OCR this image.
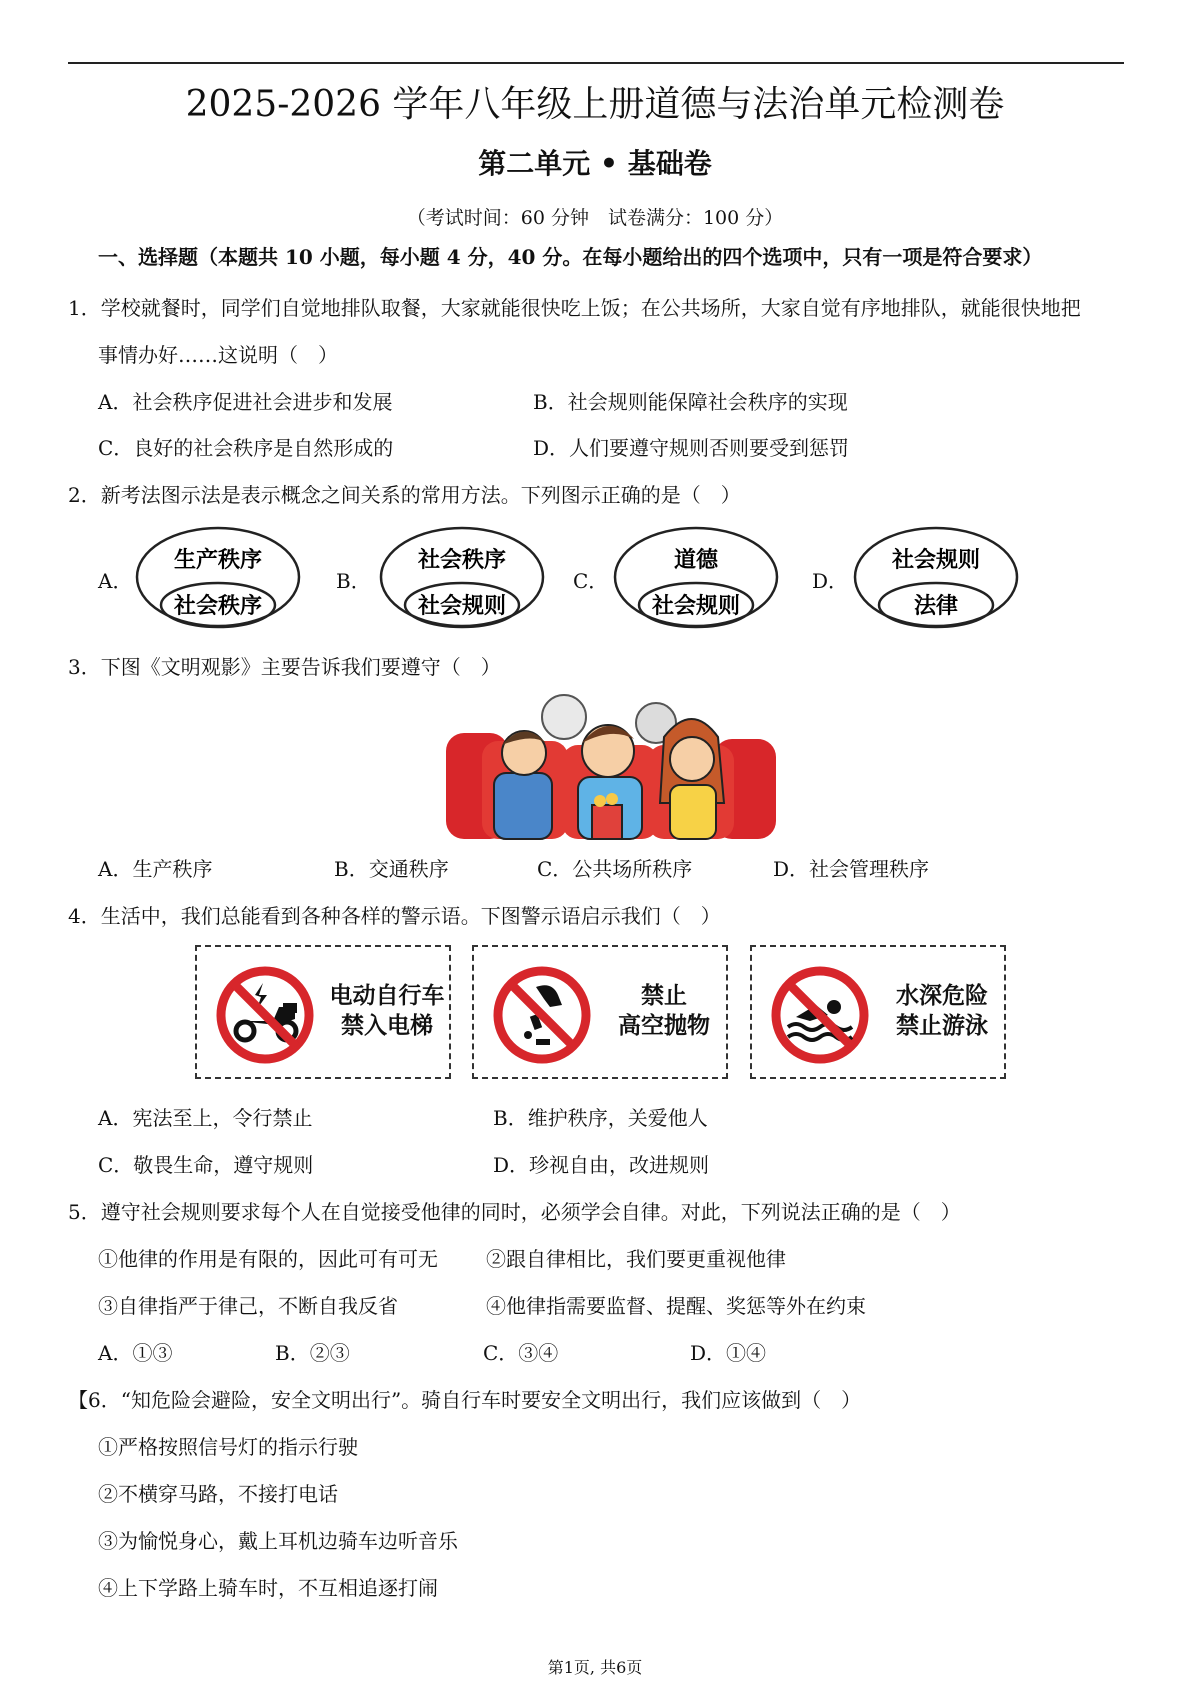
2025-2026 学年八年级上册道德与法治单元检测卷
第二单元 • 基础卷
（考试时间：60 分钟　试卷满分：100 分）
一、选择题（本题共 10 小题，每小题 4 分，40 分。在每小题给出的四个选项中，只有一项是符合要求）
1．学校就餐时，同学们自觉地排队取餐，大家就能很快吃上饭；在公共场所，大家自觉有序地排队，就能很快地把
事情办好……这说明（　）
A．社会秩序促进社会进步和发展	B．社会规则能保障社会秩序的实现
C．良好的社会秩序是自然形成的	D．人们要遵守规则否则要受到惩罚
2．新考法图示法是表示概念之间关系的常用方法。下列图示正确的是（　）
A．
生产秩序
社会秩序
B．
社会秩序
社会规则
C．
道德
社会规则
D．
社会规则
法律
3．下图《文明观影》主要告诉我们要遵守（　）
A．生产秩序	B．交通秩序	C．公共场所秩序	D．社会管理秩序
4．生活中，我们总能看到各种各样的警示语。下图警示语启示我们（　）
电动自行车
禁入电梯
禁止
高空抛物
水深危险
禁止游泳
A．宪法至上，令行禁止	B．维护秩序，关爱他人
C．敬畏生命，遵守规则	D．珍视自由，改进规则
5．遵守社会规则要求每个人在自觉接受他律的同时，必须学会自律。对此，下列说法正确的是（　）
①他律的作用是有限的，因此可有可无 ②跟自律相比，我们要更重视他律
③自律指严于律己，不断自我反省	④他律指需要监督、提醒、奖惩等外在约束
A．①③	B．②③	C．③④	D．①④
【6．“知危险会避险，安全文明出行”。骑自行车时要安全文明出行，我们应该做到（　）
①严格按照信号灯的指示行驶
②不横穿马路，不接打电话
③为愉悦身心，戴上耳机边骑车边听音乐
④上下学路上骑车时，不互相追逐打闹
第1页, 共6页
